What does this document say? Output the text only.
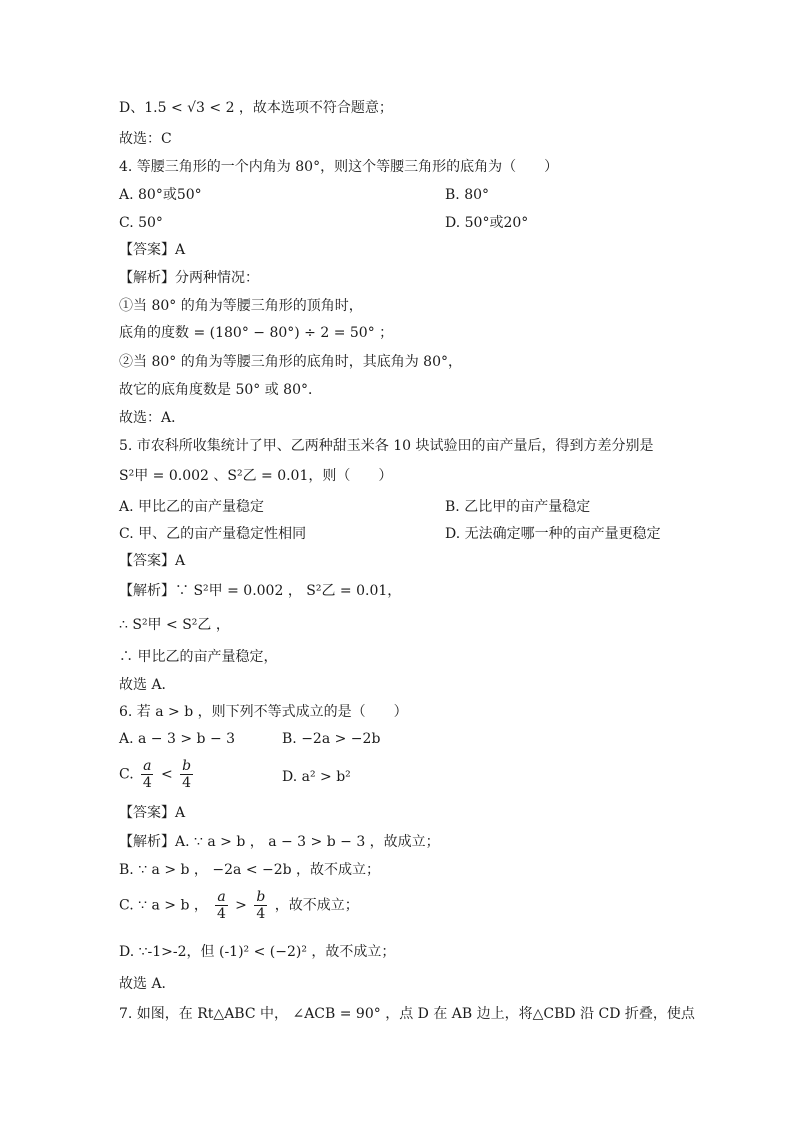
D、1.5 < √3 < 2 ，故本选项不符合题意；
故选：C
4. 等腰三角形的一个内角为 80°，则这个等腰三角形的底角为（　　）
A. 80°或50°	B. 80°
C. 50°	D. 50°或20°
【答案】A
【解析】分两种情况：
①当 80° 的角为等腰三角形的顶角时，
底角的度数 = (180° − 80°) ÷ 2 = 50° ；
②当 80° 的角为等腰三角形的底角时，其底角为 80°，
故它的底角度数是 50° 或 80°．
故选：A．
5. 市农科所收集统计了甲、乙两种甜玉米各 10 块试验田的亩产量后，得到方差分别是
S²甲 = 0.002 、S²乙 = 0.01，则（　　）
A. 甲比乙的亩产量稳定	B. 乙比甲的亩产量稳定
C. 甲、乙的亩产量稳定性相同	D. 无法确定哪一种的亩产量更稳定
【答案】A
【解析】∵ S²甲 = 0.002 ， S²乙 = 0.01，
∴ S²甲 < S²乙 ，
∴ 甲比乙的亩产量稳定，
故选 A．
6. 若 a > b ，则下列不等式成立的是（　　）
A. a − 3 > b − 3	B. −2a > −2b
C. $\frac{a}{4} < \frac{b}{4}$	D. a² > b²
【答案】A
【解析】A. ∵ a > b ， a − 3 > b − 3 ，故成立；
B. ∵ a > b ， −2a < −2b ，故不成立；
C. ∵ a > b ， $\frac{a}{4} > \frac{b}{4}$ ，故不成立；
D. ∵-1>-2，但 (-1)² < (−2)² ，故不成立；
故选 A．
7. 如图，在 Rt△ABC 中， ∠ACB = 90° ，点 D 在 AB 边上，将△CBD 沿 CD 折叠，使点
